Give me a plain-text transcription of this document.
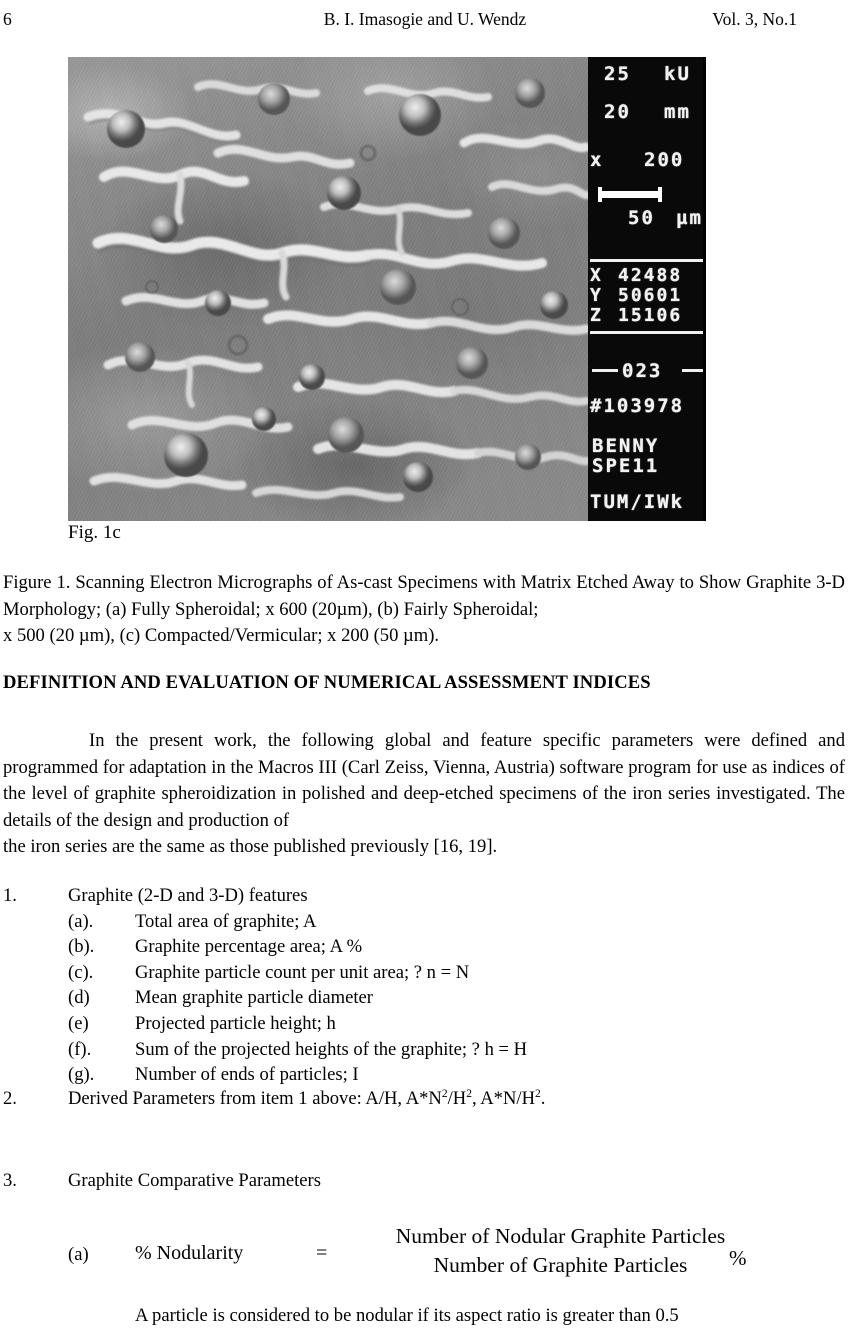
6	B. I. Imasogie and U. Wendz	Vol. 3, No.1
25 kU
20 mm
x 200
50 µm
X 42488
Y 50601
Z 15106
023
#103978
BENNY
SPE11
TUM/IWk
Fig. 1c
Figure 1. Scanning Electron Micrographs of As-cast Specimens with Matrix Etched Away to Show Graphite 3-D Morphology; (a) Fully Spheroidal; x 600 (20µm), (b) Fairly Spheroidal;
x 500 (20 µm), (c) Compacted/Vermicular; x 200 (50 µm).
DEFINITION AND EVALUATION OF NUMERICAL ASSESSMENT INDICES
In the present work, the following global and feature specific parameters were defined and programmed for adaptation in the Macros III (Carl Zeiss, Vienna, Austria) software program for use as indices of the level of graphite spheroidization in polished and deep-etched specimens of the iron series investigated. The details of the design and production of
the iron series are the same as those published previously [16, 19].
1.	Graphite (2-D and 3-D) features
(a). Total area of graphite; A
(b). Graphite percentage area; A %
(c). Graphite particle count per unit area; ? n = N
(d) Mean graphite particle diameter
(e) Projected particle height; h
(f). Sum of the projected heights of the graphite; ? h = H
(g). Number of ends of particles; I
2.	Derived Parameters from item 1 above: A/H, $A*N^2/H^2$, $A*N/H^2$.
3.	Graphite Comparative Parameters
(a) % Nodularity	=
Number of Nodular Graphite Particles Number of Graphite Particles	%
A particle is considered to be nodular if its aspect ratio is greater than 0.5
